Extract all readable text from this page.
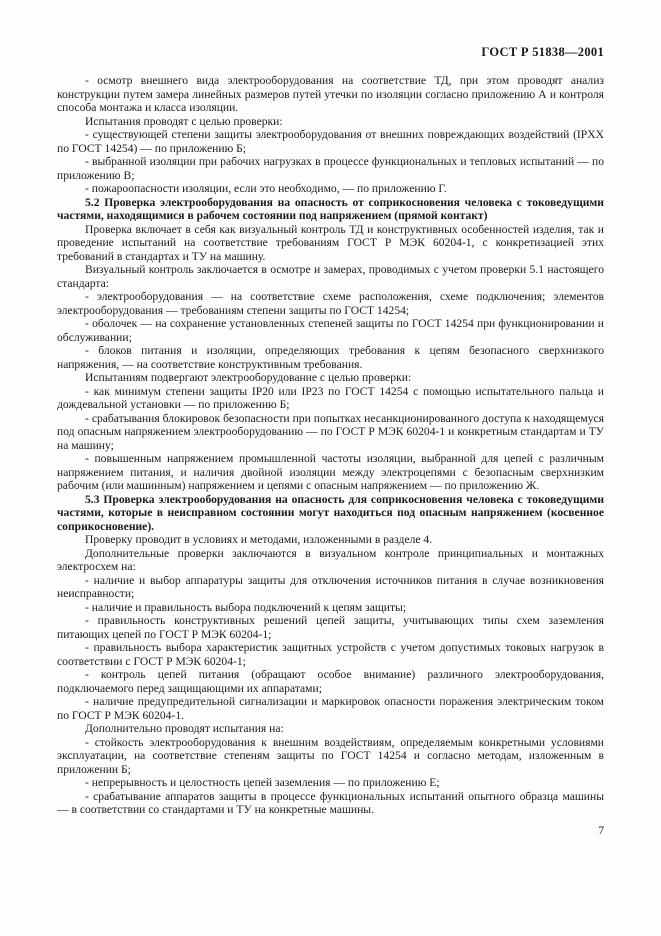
ГОСТ Р 51838—2001

- осмотр внешнего вида электрооборудования на соответствие ТД, при этом проводят анализ конструкции путем замера линейных размеров путей утечки по изоляции согласно приложению А и контроля способа монтажа и класса изоляции.

Испытания проводят с целью проверки:

- существующей степени защиты электрооборудования от внешних повреждающих воздействий (IPXX по ГОСТ 14254) — по приложению Б;

- выбранной изоляции при рабочих нагрузках в процессе функциональных и тепловых испытаний — по приложению В;

- пожароопасности изоляции, если это необходимо, — по приложению Г.

5.2 Проверка электрооборудования на опасность от соприкосновения человека с токоведущими частями, находящимися в рабочем состоянии под напряжением (прямой контакт)

Проверка включает в себя как визуальный контроль ТД и конструктивных особенностей изделия, так и проведение испытаний на соответствие требованиям ГОСТ Р МЭК 60204-1, с конкретизацией этих требований в стандартах и ТУ на машину.

Визуальный контроль заключается в осмотре и замерах, проводимых с учетом проверки 5.1 настоящего стандарта:

- электрооборудования — на соответствие схеме расположения, схеме подключения; элементов электрооборудования — требованиям степени защиты по ГОСТ 14254;

- оболочек — на сохранение установленных степеней защиты по ГОСТ 14254 при функционировании и обслуживании;

- блоков питания и изоляции, определяющих требования к цепям безопасного сверхнизкого напряжения, — на соответствие конструктивным требования.

Испытаниям подвергают электрооборудование с целью проверки:

- как минимум степени защиты IP20 или IP23 по ГОСТ 14254 с помощью испытательного пальца и дождевальной установки — по приложению Б;

- срабатывания блокировок безопасности при попытках несанкционированного доступа к находящемуся под опасным напряжением электрооборудованию — по ГОСТ Р МЭК 60204-1 и конкретным стандартам и ТУ на машину;

- повышенным напряжением промышленной частоты изоляции, выбранной для цепей с различным напряжением питания, и наличия двойной изоляции между электроцепями с безопасным сверхнизким рабочим (или машинным) напряжением и цепями с опасным напряжением — по приложению Ж.

5.3 Проверка электрооборудования на опасность для соприкосновения человека с токоведущими частями, которые в неисправном состоянии могут находиться под опасным напряжением (косвенное соприкосновение).

Проверку проводит в условиях и методами, изложенными в разделе 4.

Дополнительные проверки заключаются в визуальном контроле принципиальных и монтажных электросхем на:

- наличие и выбор аппаратуры защиты для отключения источников питания в случае возникновения неисправности;

- наличие и правильность выбора подключений к цепям защиты;

- правильность конструктивных решений цепей защиты, учитывающих типы схем заземления питающих цепей по ГОСТ Р МЭК 60204-1;

- правильность выбора характеристик защитных устройств с учетом допустимых токовых нагрузок в соответствии с ГОСТ Р МЭК 60204-1;

- контроль цепей питания (обращают особое внимание) различного электрооборудования, подключаемого перед защищающими их аппаратами;

- наличие предупредительной сигнализации и маркировок опасности поражения электрическим током по ГОСТ Р МЭК 60204-1.

Дополнительно проводят испытания на:

- стойкость электрооборудования к внешним воздействиям, определяемым конкретными условиями эксплуатации, на соответствие степеням защиты по ГОСТ 14254 и согласно методам, изложенным в приложении Б;

- непрерывность и целостность цепей заземления — по приложению Е;

- срабатывание аппаратов защиты в процессе функциональных испытаний опытного образца машины — в соответствии со стандартами и ТУ на конкретные машины.

7
